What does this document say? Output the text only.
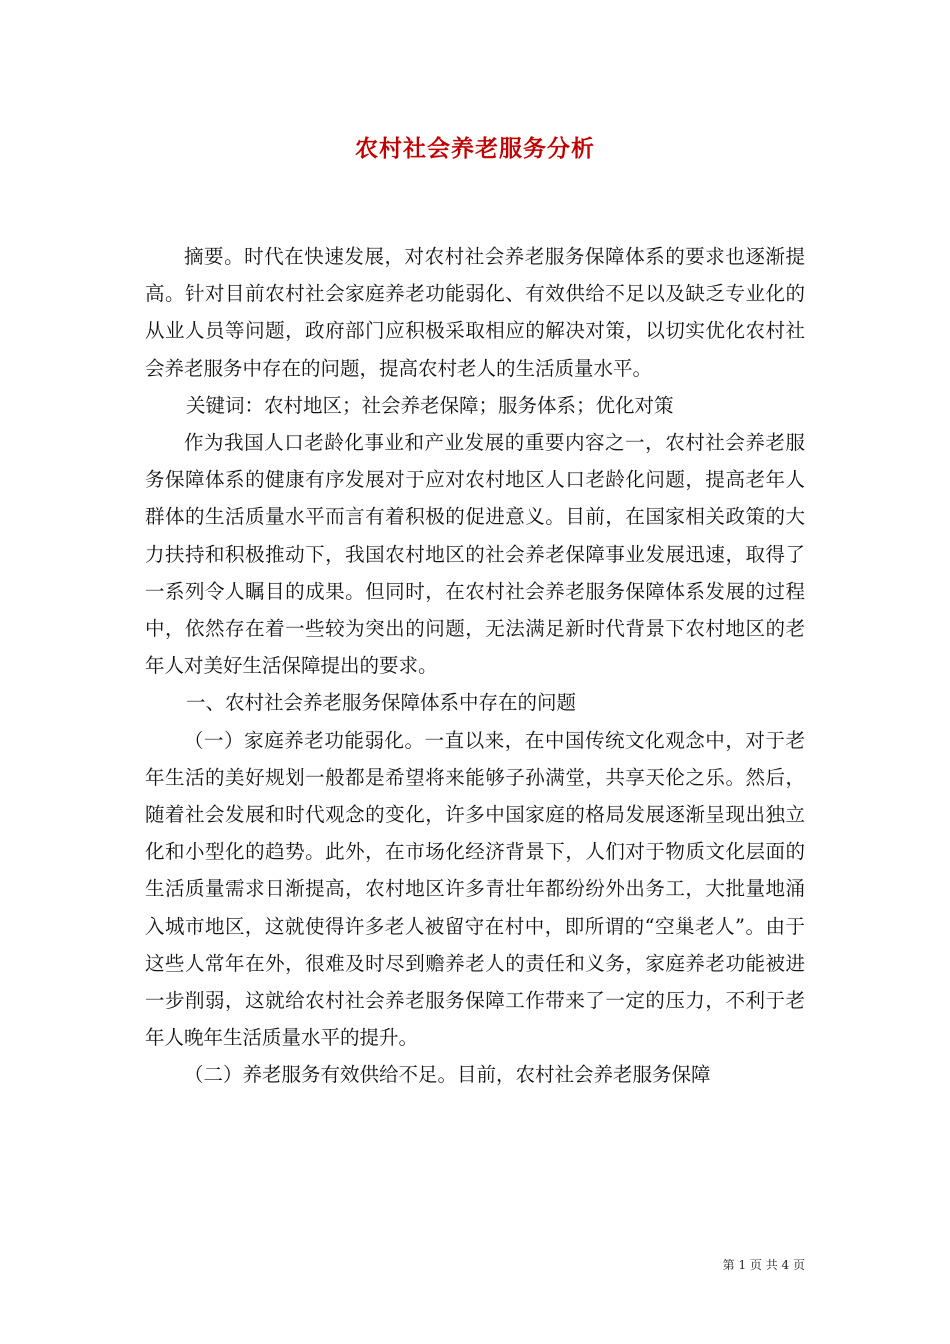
农村社会养老服务分析

摘要。时代在快速发展，对农村社会养老服务保障体系的要求也逐渐提高。针对目前农村社会家庭养老功能弱化、有效供给不足以及缺乏专业化的从业人员等问题，政府部门应积极采取相应的解决对策，以切实优化农村社会养老服务中存在的问题，提高农村老人的生活质量水平。

关键词：农村地区；社会养老保障；服务体系；优化对策

作为我国人口老龄化事业和产业发展的重要内容之一，农村社会养老服务保障体系的健康有序发展对于应对农村地区人口老龄化问题，提高老年人群体的生活质量水平而言有着积极的促进意义。目前，在国家相关政策的大力扶持和积极推动下，我国农村地区的社会养老保障事业发展迅速，取得了一系列令人瞩目的成果。但同时，在农村社会养老服务保障体系发展的过程中，依然存在着一些较为突出的问题，无法满足新时代背景下农村地区的老年人对美好生活保障提出的要求。

一、农村社会养老服务保障体系中存在的问题

（一）家庭养老功能弱化。一直以来，在中国传统文化观念中，对于老年生活的美好规划一般都是希望将来能够子孙满堂，共享天伦之乐。然后，随着社会发展和时代观念的变化，许多中国家庭的格局发展逐渐呈现出独立化和小型化的趋势。此外，在市场化经济背景下，人们对于物质文化层面的生活质量需求日渐提高，农村地区许多青壮年都纷纷外出务工，大批量地涌入城市地区，这就使得许多老人被留守在村中，即所谓的“空巢老人”。由于这些人常年在外，很难及时尽到赡养老人的责任和义务，家庭养老功能被进一步削弱，这就给农村社会养老服务保障工作带来了一定的压力，不利于老年人晚年生活质量水平的提升。

（二）养老服务有效供给不足。目前，农村社会养老服务保障

第 1 页 共 4 页
